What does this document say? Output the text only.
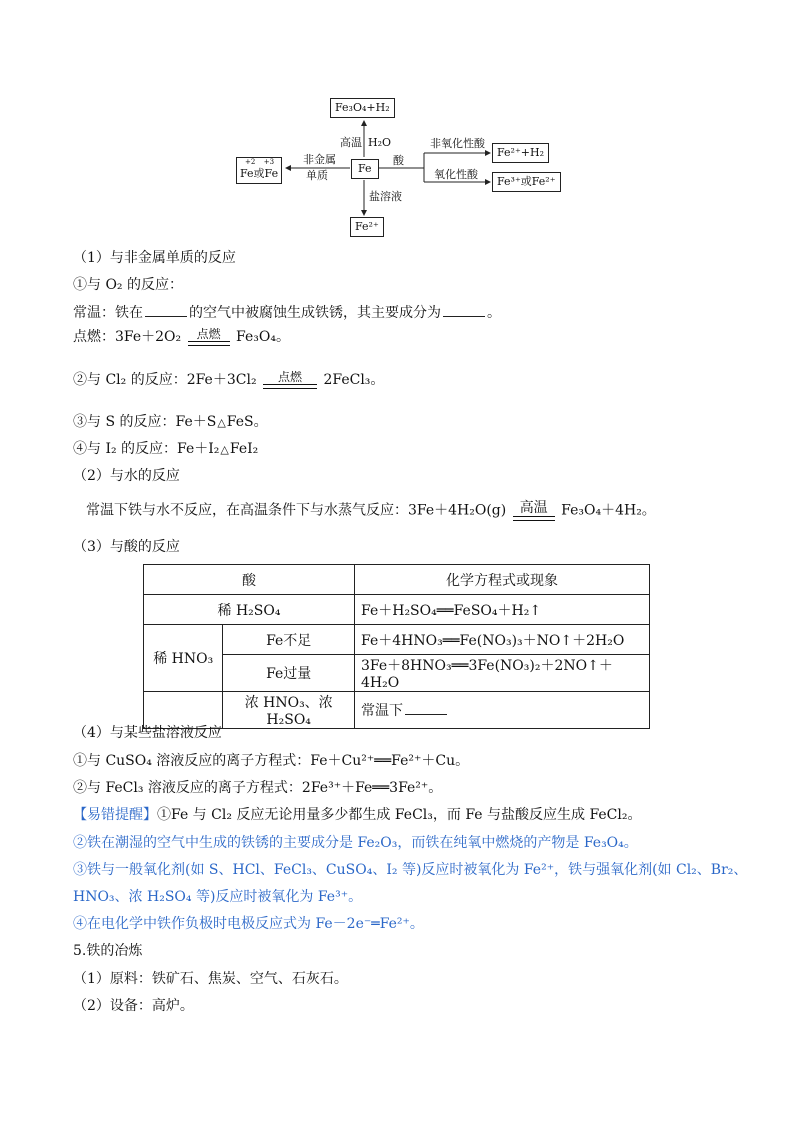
Fe₃O₄+H₂
Fe
+2 +3
Fe或Fe
Fe²⁺+H₂
Fe³⁺或Fe²⁺
Fe²⁺
高温 H₂O
非金属
单质
酸
非氧化性酸
氧化性酸
盐溶液
（1）与非金属单质的反应
①与 O₂ 的反应：
常温：铁在	的空气中被腐蚀生成铁锈，其主要成分为	。
点燃：3Fe＋2O₂ 点燃 Fe₃O₄。
②与 Cl₂ 的反应：2Fe＋3Cl₂ 点燃 2FeCl₃。
③与 S 的反应：Fe＋S△FeS。
④与 I₂ 的反应：Fe＋I₂△FeI₂
（2）与水的反应
常温下铁与水不反应，在高温条件下与水蒸气反应：3Fe＋4H₂O(g) 高温 Fe₃O₄＋4H₂。
（3）与酸的反应
酸		化学方程式或现象
稀 H₂SO₄		Fe＋H₂SO₄══FeSO₄＋H₂↑
稀 HNO₃	Fe不足	Fe＋4HNO₃══Fe(NO₃)₃＋NO↑＋2H₂O
	Fe过量	3Fe＋8HNO₃══3Fe(NO₃)₂＋2NO↑＋4H₂O
	浓 HNO₃、浓 H₂SO₄	常温下
（4）与某些盐溶液反应
①与 CuSO₄ 溶液反应的离子方程式：Fe＋Cu²⁺══Fe²⁺＋Cu。
②与 FeCl₃ 溶液反应的离子方程式：2Fe³⁺＋Fe══3Fe²⁺。
【易错提醒】①Fe 与 Cl₂ 反应无论用量多少都生成 FeCl₃，而 Fe 与盐酸反应生成 FeCl₂。
②铁在潮湿的空气中生成的铁锈的主要成分是 Fe₂O₃，而铁在纯氧中燃烧的产物是 Fe₃O₄。
③铁与一般氧化剂(如 S、HCl、FeCl₃、CuSO₄、I₂ 等)反应时被氧化为 Fe²⁺，铁与强氧化剂(如 Cl₂、Br₂、
HNO₃、浓 H₂SO₄ 等)反应时被氧化为 Fe³⁺。
④在电化学中铁作负极时电极反应式为 Fe－2e⁻═Fe²⁺。
5.铁的冶炼
（1）原料：铁矿石、焦炭、空气、石灰石。
（2）设备：高炉。
